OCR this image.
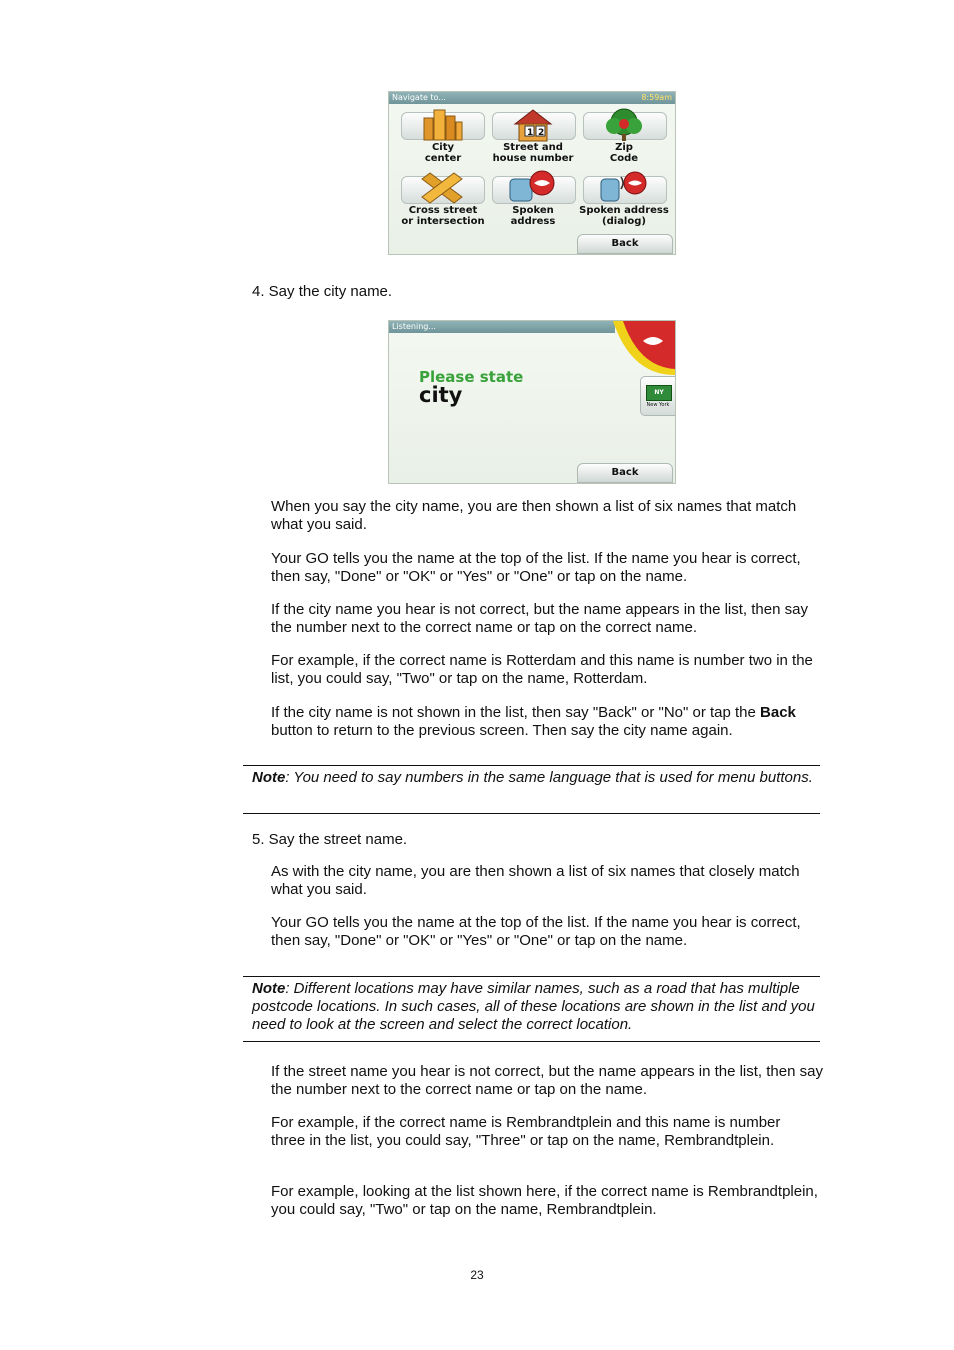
Navigate to...	8:59am
City
center
1 2
Street and
house number
Zip
Code
Cross street
or intersection
Spoken
address
Spoken address
(dialog)
Back

4. Say the city name.

Listening...
Please state
city	NY
New York
Back

When you say the city name, you are then shown a list of six names that match what you said.

Your GO tells you the name at the top of the list. If the name you hear is correct, then say, "Done" or "OK" or "Yes" or "One" or tap on the name.

If the city name you hear is not correct, but the name appears in the list, then say the number next to the correct name or tap on the correct name.

For example, if the correct name is Rotterdam and this name is number two in the list, you could say, "Two" or tap on the name, Rotterdam.

If the city name is not shown in the list, then say "Back" or "No" or tap the Back button to return to the previous screen. Then say the city name again.

Note: You need to say numbers in the same language that is used for menu buttons.

5. Say the street name.

As with the city name, you are then shown a list of six names that closely match what you said.

Your GO tells you the name at the top of the list. If the name you hear is correct, then say, "Done" or "OK" or "Yes" or "One" or tap on the name.

Note: Different locations may have similar names, such as a road that has multiple postcode locations. In such cases, all of these locations are shown in the list and you need to look at the screen and select the correct location.

If the street name you hear is not correct, but the name appears in the list, then say the number next to the correct name or tap on the name.

For example, if the correct name is Rembrandtplein and this name is number three in the list, you could say, "Three" or tap on the name, Rembrandtplein.

For example, looking at the list shown here, if the correct name is Rembrandtplein, you could say, "Two" or tap on the name, Rembrandtplein.

23
